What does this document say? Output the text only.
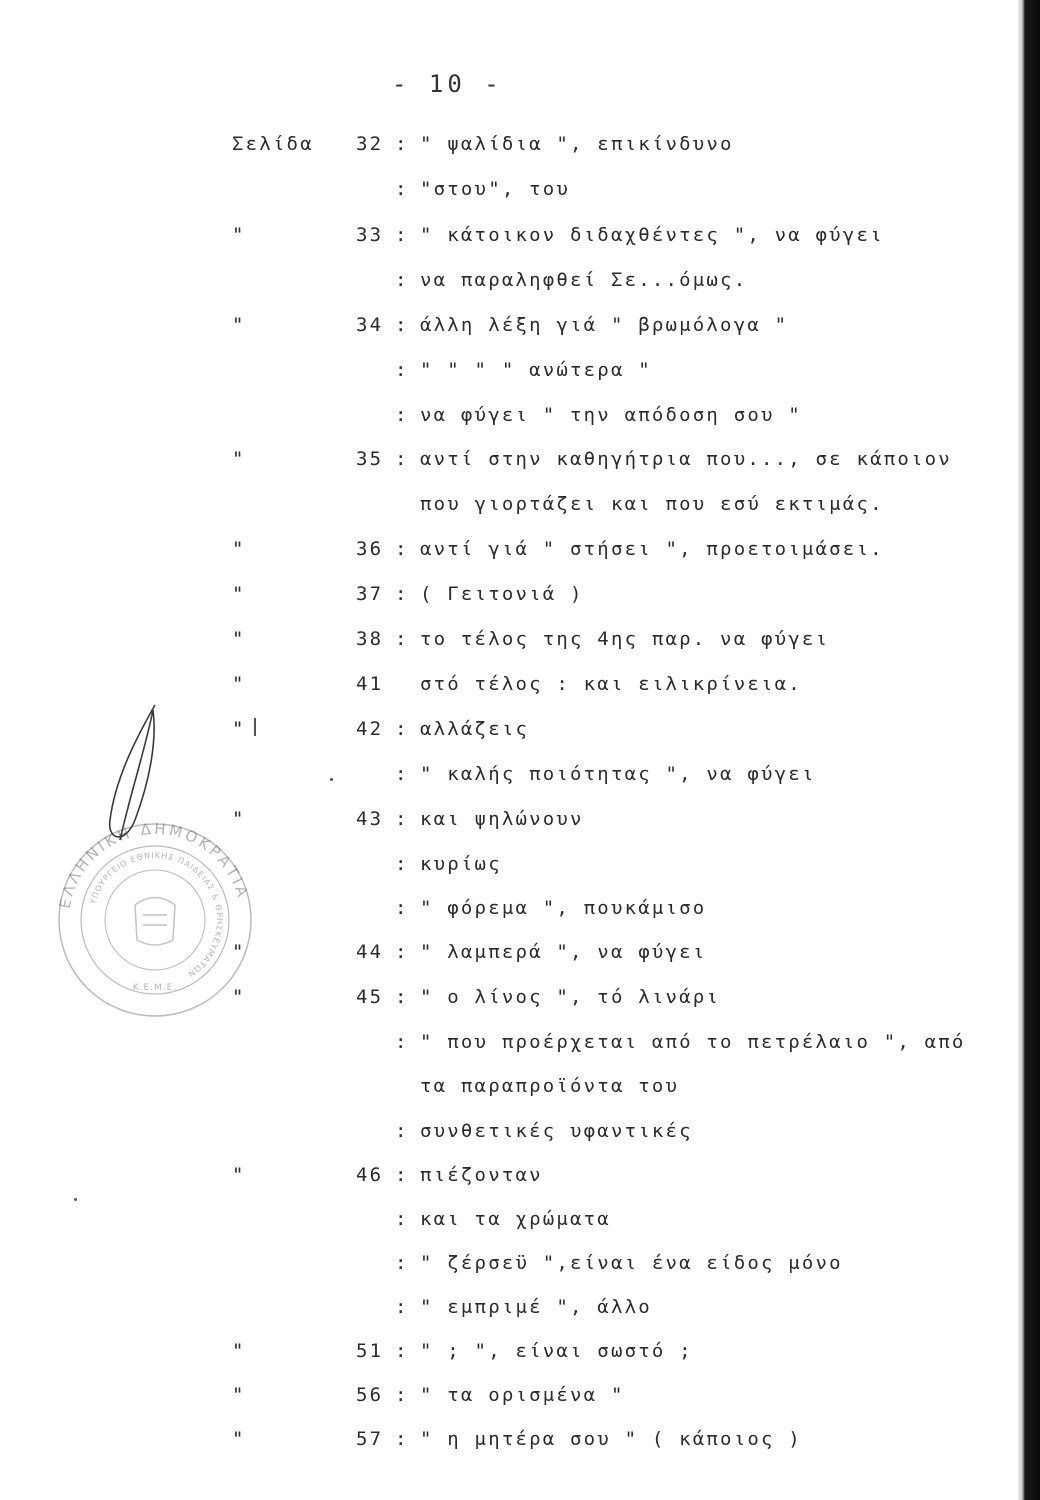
- 10 -
Σελίδα 32 : " ψαλίδια ", επικίνδυνο
: "στου", του
"	33 : " κάτοικον διδαχθέντες ", να φύγει
: να παραληφθεί Σε...όμως.
"	34 : άλλη λέξη γιά " βρωμόλογα "
: " " " " ανώτερα "
: να φύγει " την απόδοση σου "
"	35 : αντί στην καθηγήτρια που..., σε κάποιον
που γιορτάζει και που εσύ εκτιμάς.
"	36 : αντί γιά " στήσει ", προετοιμάσει.
"	37 : ( Γειτονιά )
"	38 : το τέλος της 4ης παρ. να φύγει
"	41 στό τέλος : και ειλικρίνεια.
"	42 : αλλάζεις
: " καλής ποιότητας ", να φύγει
"	43 : και ψηλώνουν
: κυρίως
: " φόρεμα ", πουκάμισο
"	44 : " λαμπερά ", να φύγει
"	45 : " ο λίνος ", τό λινάρι
: " που προέρχεται από το πετρέλαιο ", από
τα παραπροϊόντα του
: συνθετικές υφαντικές
"	46 : πιέζονταν
: και τα χρώματα
: " ζέρσεϋ ",είναι ένα είδος μόνο
: " εμπριμέ ", άλλο
"	51 : " ; ", είναι σωστό ;
"	56 : " τα ορισμένα "
"	57 : " η μητέρα σου " ( κάποιος )
ΕΛΛΗΝΙΚΗ ΔΗΜΟΚΡΑΤΙΑ
ΥΠΟΥΡΓΕΙΟ ΕΘΝΙΚΗΣ ΠΑΙΔΕΙΑΣ & ΘΡΗΣΚΕΥΜΑΤΩΝ
Κ.Ε.Μ.Ε.
